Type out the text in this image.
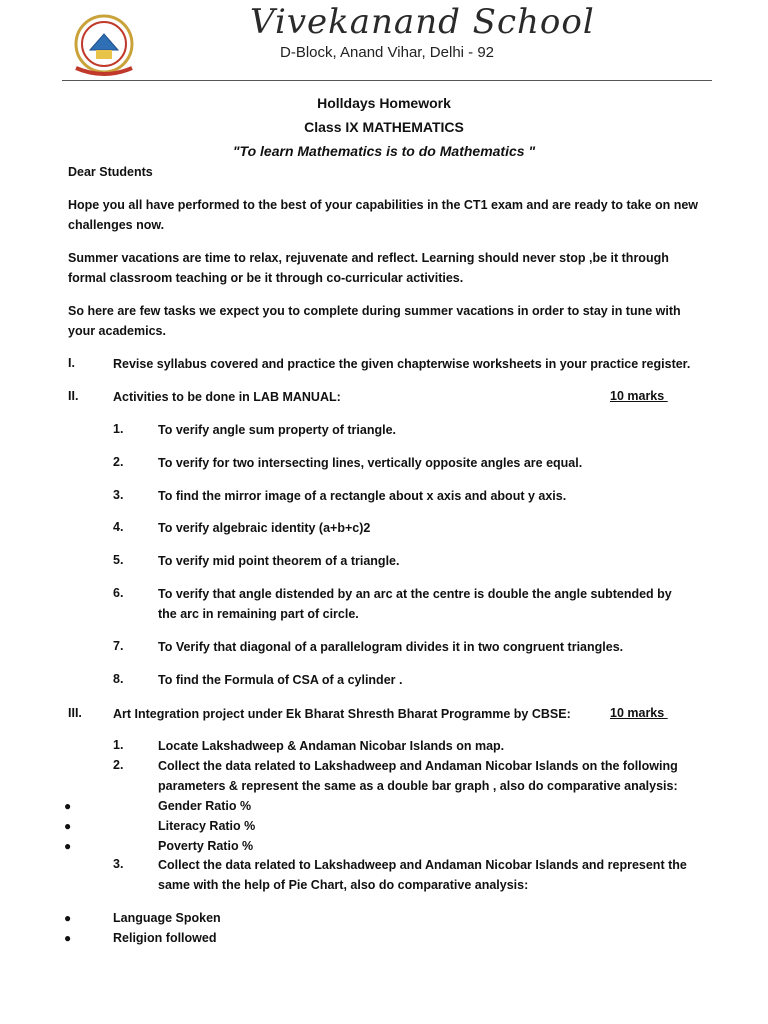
Vivekanand School
D-Block, Anand Vihar, Delhi - 92
Holldays Homework
Class IX MATHEMATICS
"To learn Mathematics is to do Mathematics "
Dear Students
Hope you all have performed to the best of your capabilities in the CT1 exam and are ready to take on new challenges now.
Summer vacations are time to relax, rejuvenate and reflect. Learning should never stop ,be it through formal classroom teaching or be it through co-curricular activities.
So here are few tasks we expect you to complete during summer vacations in order to stay in tune with your academics.
I.	Revise syllabus covered and practice the given chapterwise worksheets in your practice register.
II.	Activities to be done in LAB MANUAL:	10 marks
1.	To verify angle sum property of triangle.
2.	To verify for two intersecting lines, vertically opposite angles are equal.
3.	To find the mirror image of a rectangle about x axis and about y axis.
4.	To verify algebraic identity (a+b+c)2
5.	To verify mid point theorem of a triangle.
6.	To verify that angle distended by an arc at the centre is double the angle subtended by the arc in remaining part of circle.
7.	To Verify that diagonal of a parallelogram divides it in two congruent triangles.
8.	To find the Formula of CSA of a cylinder .
III. Art Integration project under Ek Bharat Shresth Bharat Programme by CBSE:	10 marks
1.	Locate Lakshadweep & Andaman Nicobar Islands on map.
2.	Collect the data related to Lakshadweep and Andaman Nicobar Islands on the following parameters & represent the same as a double bar graph , also do comparative analysis:
●	Gender Ratio %
●	Literacy Ratio %
●	Poverty Ratio %
3.	Collect the data related to Lakshadweep and Andaman Nicobar Islands and represent the same with the help of Pie Chart, also do comparative analysis:
●	Language Spoken
●	Religion followed
